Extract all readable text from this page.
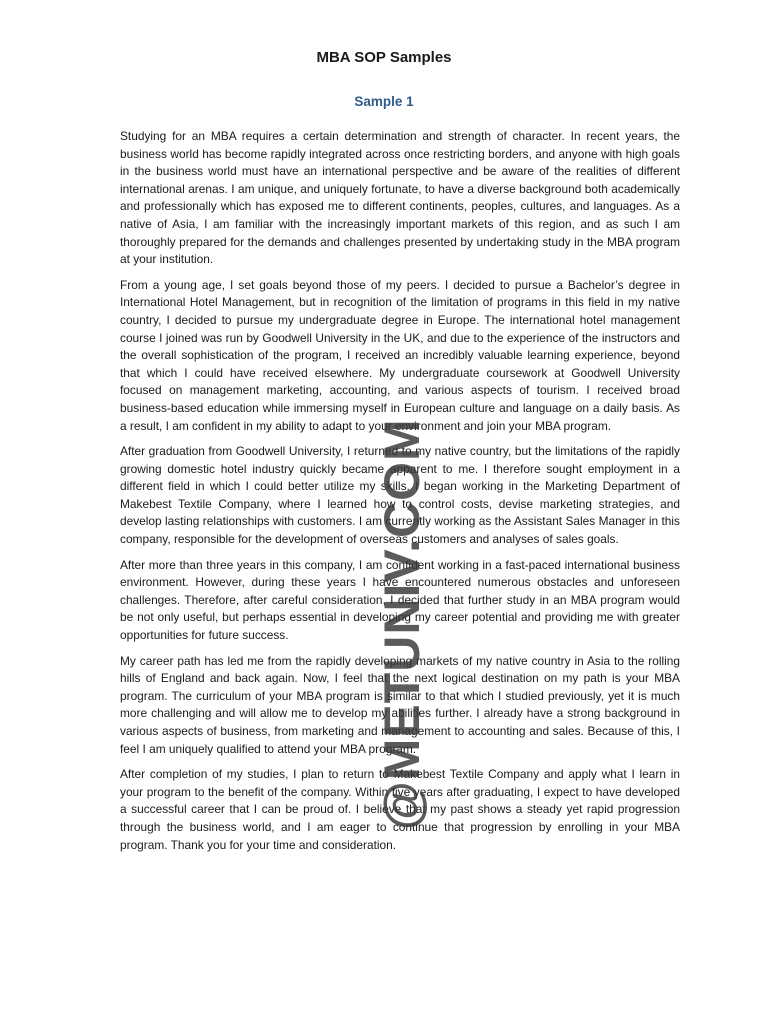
MBA SOP Samples
Sample 1

Studying for an MBA requires a certain determination and strength of character. In recent years, the business world has become rapidly integrated across once restricting borders, and anyone with high goals in the business world must have an international perspective and be aware of the realities of different international arenas. I am unique, and uniquely fortunate, to have a diverse background both academically and professionally which has exposed me to different continents, peoples, cultures, and languages. As a native of Asia, I am familiar with the increasingly important markets of this region, and as such I am thoroughly prepared for the demands and challenges presented by undertaking study in the MBA program at your institution.

From a young age, I set goals beyond those of my peers. I decided to pursue a Bachelor’s degree in International Hotel Management, but in recognition of the limitation of programs in this field in my native country, I decided to pursue my undergraduate degree in Europe. The international hotel management course I joined was run by Goodwell University in the UK, and due to the experience of the instructors and the overall sophistication of the program, I received an incredibly valuable learning experience, beyond that which I could have received elsewhere. My undergraduate coursework at Goodwell University focused on management marketing, accounting, and various aspects of tourism. I received broad business-based education while immersing myself in European culture and language on a daily basis. As a result, I am confident in my ability to adapt to your environment and join your MBA program.

After graduation from Goodwell University, I returned to my native country, but the limitations of the rapidly growing domestic hotel industry quickly became apparent to me. I therefore sought employment in a different field in which I could better utilize my skills. I began working in the Marketing Department of Makebest Textile Company, where I learned how to control costs, devise marketing strategies, and develop lasting relationships with customers. I am currently working as the Assistant Sales Manager in this company, responsible for the development of overseas customers and analyses of sales goals.

After more than three years in this company, I am confident working in a fast-paced international business environment. However, during these years I have encountered numerous obstacles and unforeseen challenges. Therefore, after careful consideration, I decided that further study in an MBA program would be not only useful, but perhaps essential in developing my career potential and providing me with greater opportunities for future success.

My career path has led me from the rapidly developing markets of my native country in Asia to the rolling hills of England and back again. Now, I feel that the next logical destination on my path is your MBA program. The curriculum of your MBA program is similar to that which I studied previously, yet it is much more challenging and will allow me to develop my abilities further. I already have a strong background in various aspects of business, from marketing and management to accounting and sales. Because of this, I feel I am uniquely qualified to attend your MBA program.

After completion of my studies, I plan to return to Makebest Textile Company and apply what I learn in your program to the benefit of the company. Within five years after graduating, I expect to have developed a successful career that I can be proud of. I believe that my past shows a steady yet rapid progression through the business world, and I am eager to continue that progression by enrolling in your MBA program. Thank you for your time and consideration.

@METUNIV.COM
